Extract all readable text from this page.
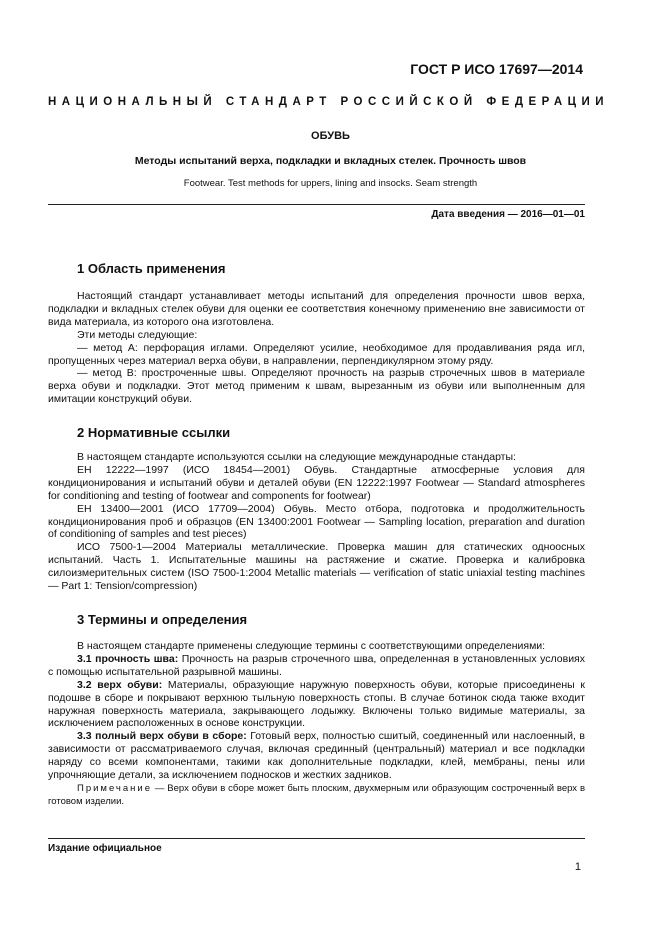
ГОСТ Р ИСО 17697—2014
НАЦИОНАЛЬНЫЙ СТАНДАРТ РОССИЙСКОЙ ФЕДЕРАЦИИ
ОБУВЬ
Методы испытаний верха, подкладки и вкладных стелек. Прочность швов
Footwear. Test methods for uppers, lining and insocks. Seam strength
Дата введения — 2016—01—01
1 Область применения

Настоящий стандарт устанавливает методы испытаний для определения прочности швов верха, подкладки и вкладных стелек обуви для оценки ее соответствия конечному применению вне зависимости от вида материала, из которого она изготовлена.

Эти методы следующие:

— метод А: перфорация иглами. Определяют усилие, необходимое для продавливания ряда игл, пропущенных через материал верха обуви, в направлении, перпендикулярном этому ряду.

— метод В: простроченные швы. Определяют прочность на разрыв строчечных швов в материале верха обуви и подкладки. Этот метод применим к швам, вырезанным из обуви или выполненным для имитации конструкций обуви.

2 Нормативные ссылки

В настоящем стандарте используются ссылки на следующие международные стандарты:

ЕН 12222—1997 (ИСО 18454—2001) Обувь. Стандартные атмосферные условия для кондиционирования и испытаний обуви и деталей обуви (EN 12222:1997 Footwear — Standard atmospheres for conditioning and testing of footwear and components for footwear)

ЕН 13400—2001 (ИСО 17709—2004) Обувь. Место отбора, подготовка и продолжительность кондиционирования проб и образцов (EN 13400:2001 Footwear — Sampling location, preparation and duration of conditioning of samples and test pieces)

ИСО 7500-1—2004 Материалы металлические. Проверка машин для статических одноосных испытаний. Часть 1. Испытательные машины на растяжение и сжатие. Проверка и калибровка силоизмерительных систем (ISO 7500-1:2004 Metallic materials — verification of static uniaxial testing machines — Part 1: Tension/compression)

3 Термины и определения

В настоящем стандарте применены следующие термины с соответствующими определениями:

3.1 прочность шва: Прочность на разрыв строчечного шва, определенная в установленных условиях с помощью испытательной разрывной машины.

3.2 верх обуви: Материалы, образующие наружную поверхность обуви, которые присоединены к подошве в сборе и покрывают верхнюю тыльную поверхность стопы. В случае ботинок сюда также входит наружная поверхность материала, закрывающего лодыжку. Включены только видимые материалы, за исключением расположенных в основе конструкции.

3.3 полный верх обуви в сборе: Готовый верх, полностью сшитый, соединенный или наслоенный, в зависимости от рассматриваемого случая, включая срединный (центральный) материал и все подкладки наряду со всеми компонентами, такими как дополнительные подкладки, клей, мембраны, пены или упрочняющие детали, за исключением подносков и жестких задников.

Примечание — Верх обуви в сборе может быть плоским, двухмерным или образующим состроченный верх в готовом изделии.
Издание официальное
1
